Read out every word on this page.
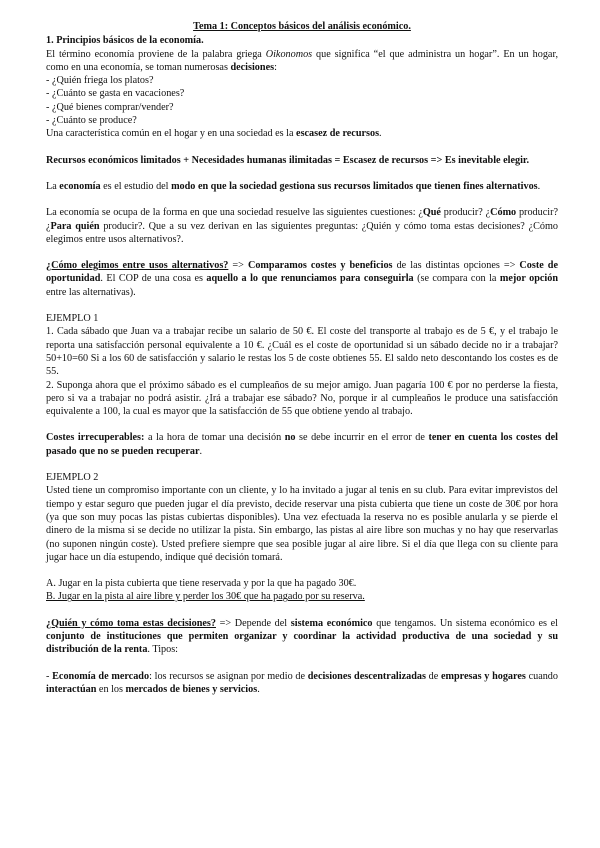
Tema 1: Conceptos básicos del análisis económico.

1. Principios básicos de la economía.

El término economía proviene de la palabra griega Oikonomos que significa “el que administra un hogar”. En un hogar, como en una economía, se toman numerosas decisiones:

- ¿Quién friega los platos?

- ¿Cuánto se gasta en vacaciones?

- ¿Qué bienes comprar/vender?

- ¿Cuánto se produce?

Una característica común en el hogar y en una sociedad es la escasez de recursos.

Recursos económicos limitados + Necesidades humanas ilimitadas = Escasez de recursos => Es inevitable elegir.

La economía es el estudio del modo en que la sociedad gestiona sus recursos limitados que tienen fines alternativos.

La economía se ocupa de la forma en que una sociedad resuelve las siguientes cuestiones: ¿Qué producir? ¿Cómo producir? ¿Para quién producir?. Que a su vez derivan en las siguientes preguntas: ¿Quién y cómo toma estas decisiones? ¿Cómo elegimos entre usos alternativos?.

¿Cómo elegimos entre usos alternativos? => Comparamos costes y beneficios de las distintas opciones => Coste de oportunidad. El COP de una cosa es aquello a lo que renunciamos para conseguirla (se compara con la mejor opción entre las alternativas).

EJEMPLO 1

1. Cada sábado que Juan va a trabajar recibe un salario de 50 €. El coste del transporte al trabajo es de 5 €, y el trabajo le reporta una satisfacción personal equivalente a 10 €. ¿Cuál es el coste de oportunidad si un sábado decide no ir a trabajar? 50+10=60 Si a los 60 de satisfacción y salario le restas los 5 de coste obtienes 55. El saldo neto descontando los costes es de 55.

2. Suponga ahora que el próximo sábado es el cumpleaños de su mejor amigo. Juan pagaría 100 € por no perderse la fiesta, pero si va a trabajar no podrá asistir. ¿Irá a trabajar ese sábado? No, porque ir al cumpleaños le produce una satisfacción equivalente a 100, la cual es mayor que la satisfacción de 55 que obtiene yendo al trabajo.

Costes irrecuperables: a la hora de tomar una decisión no se debe incurrir en el error de tener en cuenta los costes del pasado que no se pueden recuperar.

EJEMPLO 2

Usted tiene un compromiso importante con un cliente, y lo ha invitado a jugar al tenis en su club. Para evitar imprevistos del tiempo y estar seguro que pueden jugar el día previsto, decide reservar una pista cubierta que tiene un coste de 30€ por hora (ya que son muy pocas las pistas cubiertas disponibles). Una vez efectuada la reserva no es posible anularla y se pierde el dinero de la misma si se decide no utilizar la pista. Sin embargo, las pistas al aire libre son muchas y no hay que reservarlas (no suponen ningún coste). Usted prefiere siempre que sea posible jugar al aire libre. Si el día que llega con su cliente para jugar hace un día estupendo, indique qué decisión tomará.

A. Jugar en la pista cubierta que tiene reservada y por la que ha pagado 30€.

B. Jugar en la pista al aire libre y perder los 30€ que ha pagado por su reserva.

¿Quién y cómo toma estas decisiones? => Depende del sistema económico que tengamos. Un sistema económico es el conjunto de instituciones que permiten organizar y coordinar la actividad productiva de una sociedad y su distribución de la renta. Tipos:

- Economía de mercado: los recursos se asignan por medio de decisiones descentralizadas de empresas y hogares cuando interactúan en los mercados de bienes y servicios.
